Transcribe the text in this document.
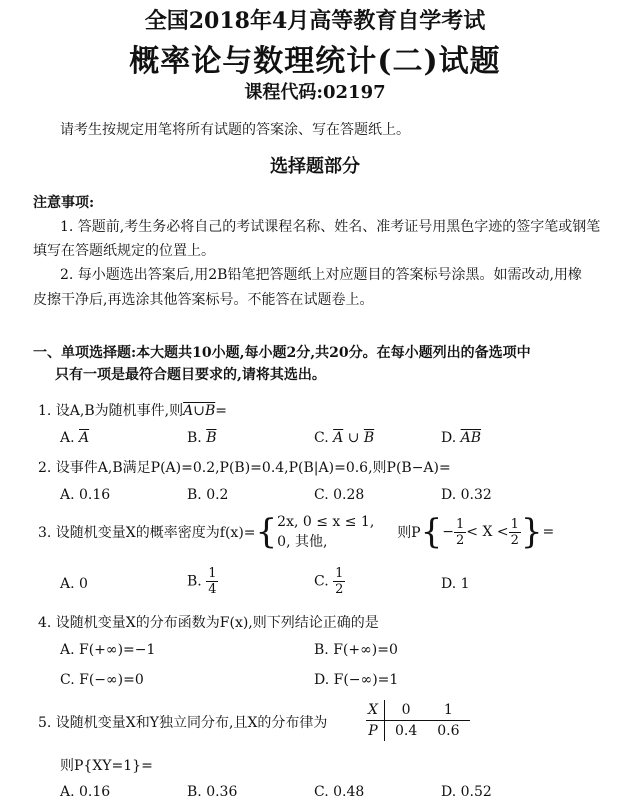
全国2018年4月高等教育自学考试
概率论与数理统计(二)试题
课程代码:02197
请考生按规定用笔将所有试题的答案涂、写在答题纸上。
选择题部分
注意事项:
1. 答题前,考生务必将自己的考试课程名称、姓名、准考证号用黑色字迹的签字笔或钢笔
填写在答题纸规定的位置上。
2. 每小题选出答案后,用2B铅笔把答题纸上对应题目的答案标号涂黑。如需改动,用橡
皮擦干净后,再选涂其他答案标号。不能答在试题卷上。
一、单项选择题:本大题共10小题,每小题2分,共20分。在每小题列出的备选项中
只有一项是最符合题目要求的,请将其选出。
1. 设A,B为随机事件,则A∪B=
A. $\overline{A}$	B. $\overline{B}$	C. $\overline{A}$ ∪ $\overline{B}$	D. $\overline{AB}$
2. 设事件A,B满足P(A)=0.2,P(B)=0.4,P(B|A)=0.6,则P(B−A)=
A. 0.16	B. 0.2	C. 0.28	D. 0.32
3. 设随机变量X的概率密度为f(x)={ 2x, 0 ≤ x ≤ 1,
0, 其他,
则$P\{- \frac{1}{2} < X < \frac{1}{2}$ }=
A. 0	B. $\frac{1}{4}$	C. $\frac{1}{2}$	D. 1
4. 设随机变量X的分布函数为F(x),则下列结论正确的是
A. F(+∞)=−1	B. F(+∞)=0
C. F(−∞)=0	D. F(−∞)=1
5. 设随机变量X和Y独立同分布,且X的分布律为
X	0	1
P	0.4	0.6
则P{XY=1}=
A. 0.16	B. 0.36	C. 0.48	D. 0.52
